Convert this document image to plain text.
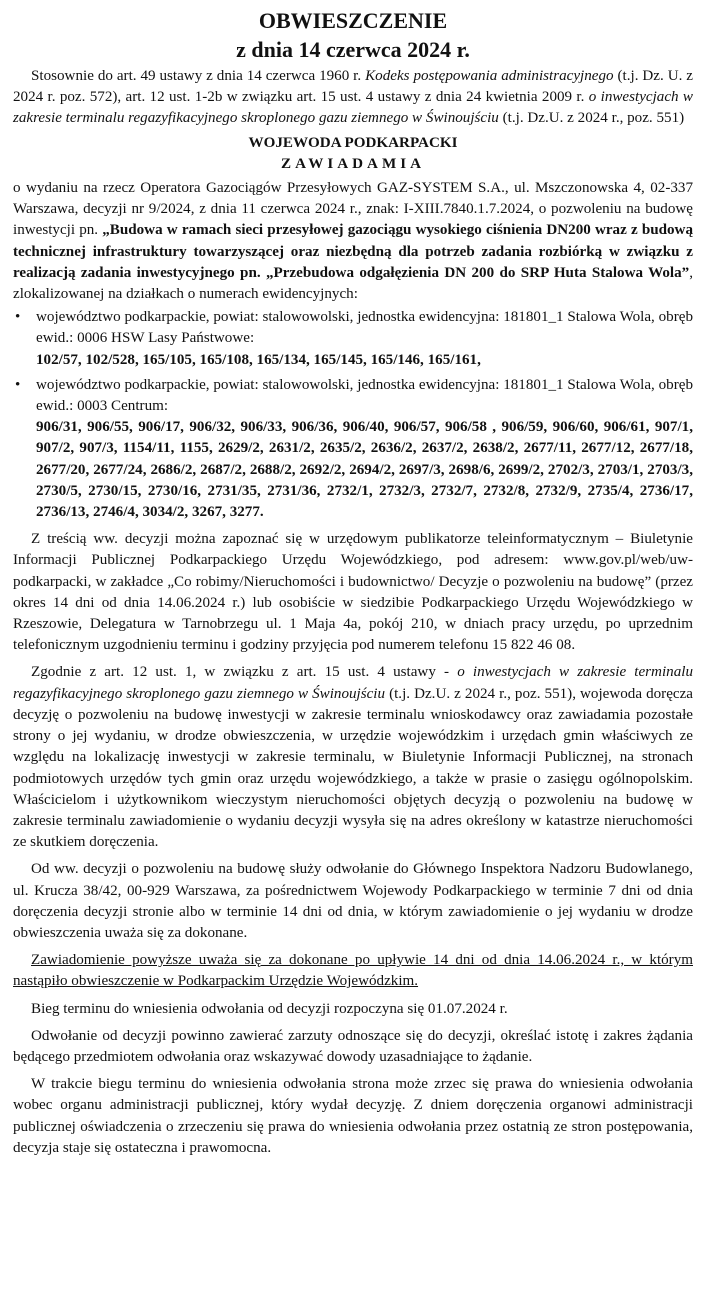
OBWIESZCZENIE
z dnia 14 czerwca 2024 r.

Stosownie do art. 49 ustawy z dnia 14 czerwca 1960 r. Kodeks postępowania administracyjnego (t.j. Dz. U. z 2024 r. poz. 572), art. 12 ust. 1-2b w związku art. 15 ust. 4 ustawy z dnia 24 kwietnia 2009 r. o inwestycjach w zakresie terminalu regazyfikacyjnego skroplonego gazu ziemnego w Świnoujściu (t.j. Dz.U. z 2024 r., poz. 551)

WOJEWODA PODKARPACKI

ZAWIADAMIA

o wydaniu na rzecz Operatora Gazociągów Przesyłowych GAZ-SYSTEM S.A., ul. Mszczonowska 4, 02-337 Warszawa, decyzji nr 9/2024, z dnia 11 czerwca 2024 r., znak: I-XIII.7840.1.7.2024, o pozwoleniu na budowę inwestycji pn. „Budowa w ramach sieci przesyłowej gazociągu wysokiego ciśnienia DN200 wraz z budową technicznej infrastruktury towarzyszącej oraz niezbędną dla potrzeb zadania rozbiórką w związku z realizacją zadania inwestycyjnego pn. „Przebudowa odgałęzienia DN 200 do SRP Huta Stalowa Wola”, zlokalizowanej na działkach o numerach ewidencyjnych:

• województwo podkarpackie, powiat: stalowowolski, jednostka ewidencyjna: 181801_1 Stalowa Wola, obręb ewid.: 0006 HSW Lasy Państwowe:
102/57, 102/528, 165/105, 165/108, 165/134, 165/145, 165/146, 165/161,
• województwo podkarpackie, powiat: stalowowolski, jednostka ewidencyjna: 181801_1 Stalowa Wola, obręb ewid.: 0003 Centrum:
906/31, 906/55, 906/17, 906/32, 906/33, 906/36, 906/40, 906/57, 906/58 , 906/59, 906/60, 906/61, 907/1, 907/2, 907/3, 1154/11, 1155, 2629/2, 2631/2, 2635/2, 2636/2, 2637/2, 2638/2, 2677/11, 2677/12, 2677/18, 2677/20, 2677/24, 2686/2, 2687/2, 2688/2, 2692/2, 2694/2, 2697/3, 2698/6, 2699/2, 2702/3, 2703/1, 2703/3, 2730/5, 2730/15, 2730/16, 2731/35, 2731/36, 2732/1, 2732/3, 2732/7, 2732/8, 2732/9, 2735/4, 2736/17, 2736/13, 2746/4, 3034/2, 3267, 3277.

Z treścią ww. decyzji można zapoznać się w urzędowym publikatorze teleinformatycznym – Biuletynie Informacji Publicznej Podkarpackiego Urzędu Wojewódzkiego, pod adresem: www.gov.pl/web/uw-podkarpacki, w zakładce „Co robimy/Nieruchomości i budownictwo/ Decyzje o pozwoleniu na budowę” (przez okres 14 dni od dnia 14.06.2024 r.) lub osobiście w siedzibie Podkarpackiego Urzędu Wojewódzkiego w Rzeszowie, Delegatura w Tarnobrzegu ul. 1 Maja 4a, pokój 210, w dniach pracy urzędu, po uprzednim telefonicznym uzgodnieniu terminu i godziny przyjęcia pod numerem telefonu 15 822 46 08.

Zgodnie z art. 12 ust. 1, w związku z art. 15 ust. 4 ustawy - o inwestycjach w zakresie terminalu regazyfikacyjnego skroplonego gazu ziemnego w Świnoujściu (t.j. Dz.U. z 2024 r., poz. 551), wojewoda doręcza decyzję o pozwoleniu na budowę inwestycji w zakresie terminalu wnioskodawcy oraz zawiadamia pozostałe strony o jej wydaniu, w drodze obwieszczenia, w urzędzie wojewódzkim i urzędach gmin właściwych ze względu na lokalizację inwestycji w zakresie terminalu, w Biuletynie Informacji Publicznej, na stronach podmiotowych urzędów tych gmin oraz urzędu wojewódzkiego, a także w prasie o zasięgu ogólnopolskim. Właścicielom i użytkownikom wieczystym nieruchomości objętych decyzją o pozwoleniu na budowę w zakresie terminalu zawiadomienie o wydaniu decyzji wysyła się na adres określony w katastrze nieruchomości ze skutkiem doręczenia.

Od ww. decyzji o pozwoleniu na budowę służy odwołanie do Głównego Inspektora Nadzoru Budowlanego, ul. Krucza 38/42, 00-929 Warszawa, za pośrednictwem Wojewody Podkarpackiego w terminie 7 dni od dnia doręczenia decyzji stronie albo w terminie 14 dni od dnia, w którym zawiadomienie o jej wydaniu w drodze obwieszczenia uważa się za dokonane.

Zawiadomienie powyższe uważa się za dokonane po upływie 14 dni od dnia 14.06.2024 r., w którym nastąpiło obwieszczenie w Podkarpackim Urzędzie Wojewódzkim.

Bieg terminu do wniesienia odwołania od decyzji rozpoczyna się 01.07.2024 r.

Odwołanie od decyzji powinno zawierać zarzuty odnoszące się do decyzji, określać istotę i zakres żądania będącego przedmiotem odwołania oraz wskazywać dowody uzasadniające to żądanie.

W trakcie biegu terminu do wniesienia odwołania strona może zrzec się prawa do wniesienia odwołania wobec organu administracji publicznej, który wydał decyzję. Z dniem doręczenia organowi administracji publicznej oświadczenia o zrzeczeniu się prawa do wniesienia odwołania przez ostatnią ze stron postępowania, decyzja staje się ostateczna i prawomocna.
